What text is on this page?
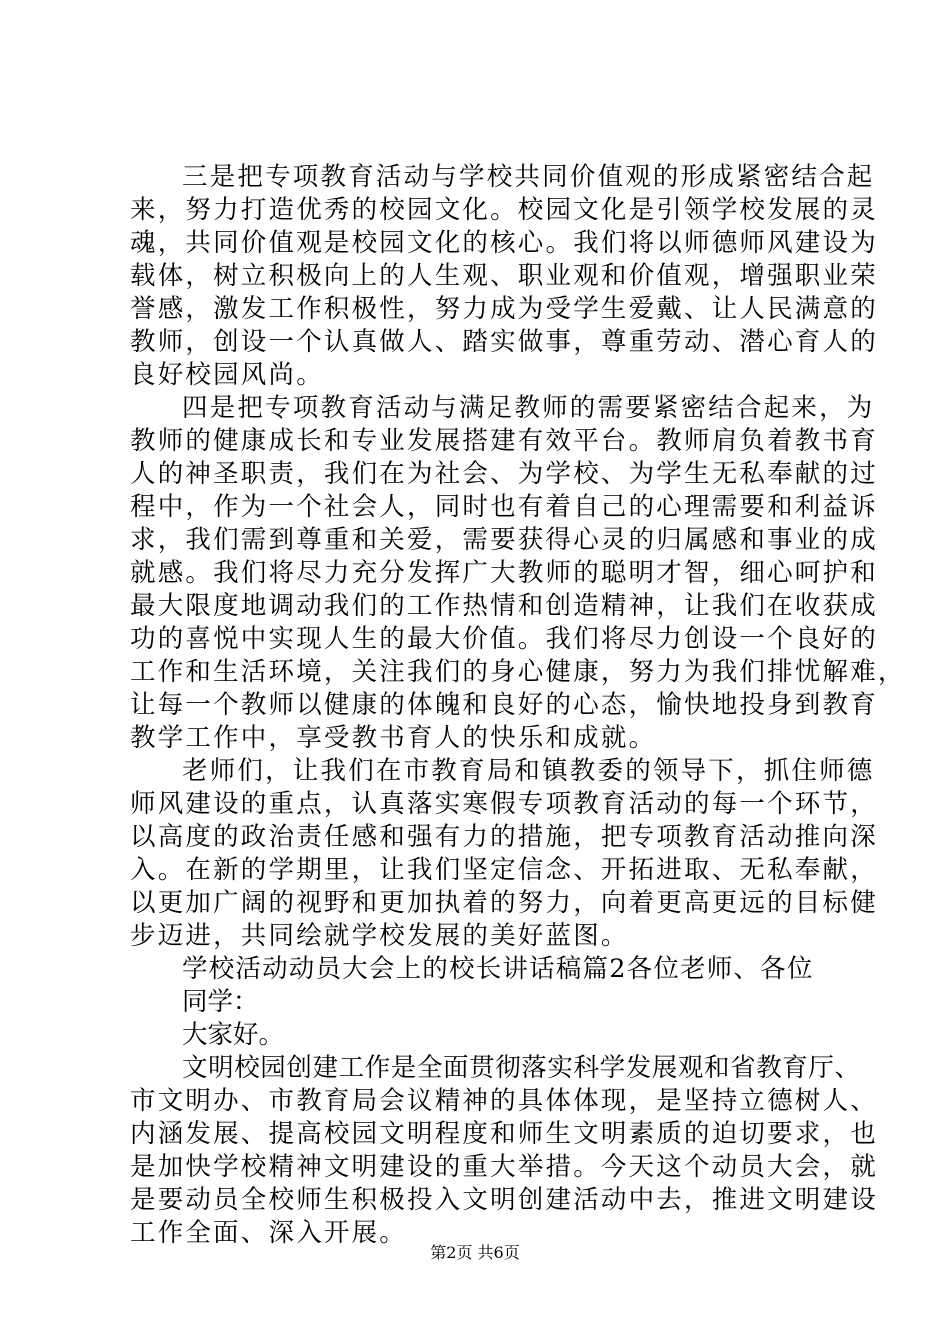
三是把专项教育活动与学校共同价值观的形成紧密结合起
来，努力打造优秀的校园文化。校园文化是引领学校发展的灵
魂，共同价值观是校园文化的核心。我们将以师德师风建设为
载体，树立积极向上的人生观、职业观和价值观，增强职业荣
誉感，激发工作积极性，努力成为受学生爱戴、让人民满意的
教师，创设一个认真做人、踏实做事，尊重劳动、潜心育人的
良好校园风尚。
四是把专项教育活动与满足教师的需要紧密结合起来，为
教师的健康成长和专业发展搭建有效平台。教师肩负着教书育
人的神圣职责，我们在为社会、为学校、为学生无私奉献的过
程中，作为一个社会人，同时也有着自己的心理需要和利益诉
求，我们需到尊重和关爱，需要获得心灵的归属感和事业的成
就感。我们将尽力充分发挥广大教师的聪明才智，细心呵护和
最大限度地调动我们的工作热情和创造精神，让我们在收获成
功的喜悦中实现人生的最大价值。我们将尽力创设一个良好的
工作和生活环境，关注我们的身心健康，努力为我们排忧解难，
让每一个教师以健康的体魄和良好的心态，愉快地投身到教育
教学工作中，享受教书育人的快乐和成就。
老师们，让我们在市教育局和镇教委的领导下，抓住师德
师风建设的重点，认真落实寒假专项教育活动的每一个环节，
以高度的政治责任感和强有力的措施，把专项教育活动推向深
入。在新的学期里，让我们坚定信念、开拓进取、无私奉献，
以更加广阔的视野和更加执着的努力，向着更高更远的目标健
步迈进，共同绘就学校发展的美好蓝图。
学校活动动员大会上的校长讲话稿篇2各位老师、各位
同学：
大家好。
文明校园创建工作是全面贯彻落实科学发展观和省教育厅、
市文明办、市教育局会议精神的具体体现，是坚持立德树人、
内涵发展、提高校园文明程度和师生文明素质的迫切要求，也
是加快学校精神文明建设的重大举措。今天这个动员大会，就
是要动员全校师生积极投入文明创建活动中去，推进文明建设
工作全面、深入开展。
第2页 共6页
